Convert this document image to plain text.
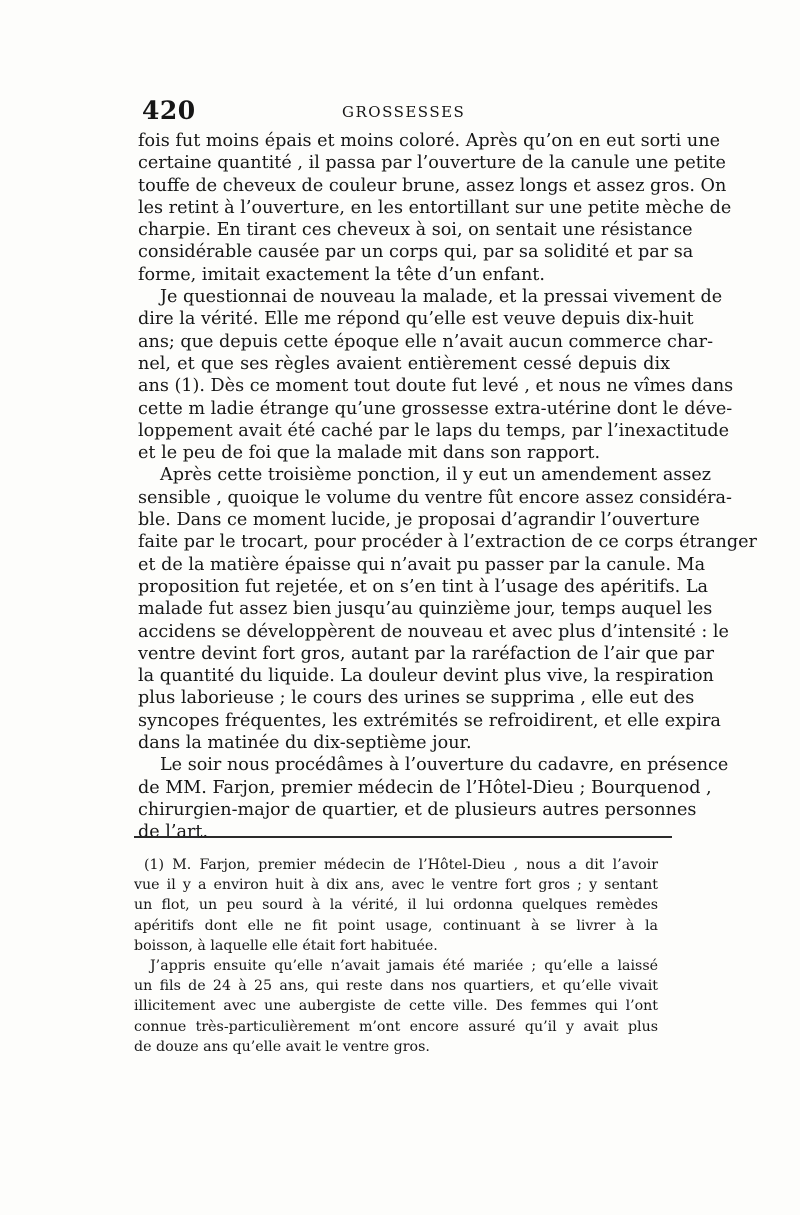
420	GROSSESSES
fois fut moins épais et moins coloré. Après qu’on en eut sorti une
certaine quantité , il passa par l’ouverture de la canule une petite
touffe de cheveux de couleur brune, assez longs et assez gros. On
les retint à l’ouverture, en les entortillant sur une petite mèche de
charpie. En tirant ces cheveux à soi, on sentait une résistance
considérable causée par un corps qui, par sa solidité et par sa
forme, imitait exactement la tête d’un enfant.
Je questionnai de nouveau la malade, et la pressai vivement de
dire la vérité. Elle me répond qu’elle est veuve depuis dix-huit
ans; que depuis cette époque elle n’avait aucun commerce char-
nel, et que ses règles avaient entièrement cessé depuis dix
ans (1). Dès ce moment tout doute fut levé , et nous ne vîmes dans
cette m ladie étrange qu’une grossesse extra-utérine dont le déve-
loppement avait été caché par le laps du temps, par l’inexactitude
et le peu de foi que la malade mit dans son rapport.
Après cette troisième ponction, il y eut un amendement assez
sensible , quoique le volume du ventre fût encore assez considéra-
ble. Dans ce moment lucide, je proposai d’agrandir l’ouverture
faite par le trocart, pour procéder à l’extraction de ce corps étranger
et de la matière épaisse qui n’avait pu passer par la canule. Ma
proposition fut rejetée, et on s’en tint à l’usage des apéritifs. La
malade fut assez bien jusqu’au quinzième jour, temps auquel les
accidens se développèrent de nouveau et avec plus d’intensité : le
ventre devint fort gros, autant par la raréfaction de l’air que par
la quantité du liquide. La douleur devint plus vive, la respiration
plus laborieuse ; le cours des urines se supprima , elle eut des
syncopes fréquentes, les extrémités se refroidirent, et elle expira
dans la matinée du dix-septième jour.
Le soir nous procédâmes à l’ouverture du cadavre, en présence
de MM. Farjon, premier médecin de l’Hôtel-Dieu ; Bourquenod ,
chirurgien-major de quartier, et de plusieurs autres personnes
de l’art.
(1) M. Farjon, premier médecin de l’Hôtel-Dieu , nous a dit l’avoir
vue il y a environ huit à dix ans, avec le ventre fort gros ; y sentant
un flot, un peu sourd à la vérité, il lui ordonna quelques remèdes
apéritifs dont elle ne fit point usage, continuant à se livrer à la
boisson, à laquelle elle était fort habituée.
J’appris ensuite qu’elle n’avait jamais été mariée ; qu’elle a laissé
un fils de 24 à 25 ans, qui reste dans nos quartiers, et qu’elle vivait
illicitement avec une aubergiste de cette ville. Des femmes qui l’ont
connue très-particulièrement m’ont encore assuré qu’il y avait plus
de douze ans qu’elle avait le ventre gros.
